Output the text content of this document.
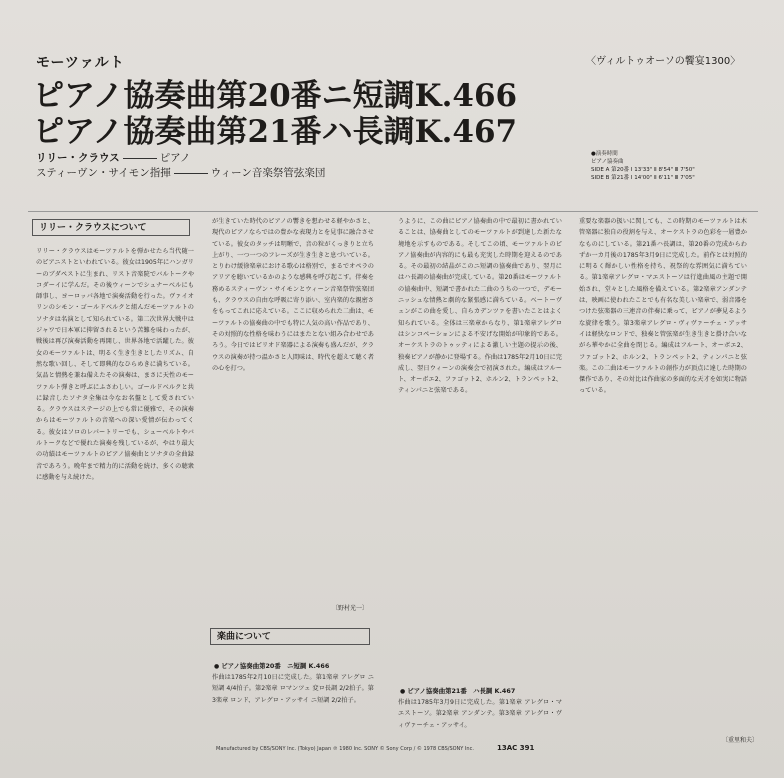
モーツァルト	〈ヴィルトゥオーソの饗宴1300〉
ピアノ協奏曲第20番ニ短調K.466
ピアノ協奏曲第21番ハ長調K.467
リリー・クラウス	ピアノ
スティーヴン・サイモン指揮	ウィーン音楽祭管弦楽団
●演奏時間
ピアノ協奏曲
SIDE A 第20番 Ⅰ 13'33" Ⅱ 8'54" Ⅲ 7'50"
SIDE B 第21番 Ⅰ 14'00" Ⅱ 6'11" Ⅲ 7'05"
リリー・クラウスについて
リリー・クラウスはモーツァルトを弾かせたら当代随一のピアニストといわれている。彼女は1905年にハンガリーのブダペストに生まれ、リスト音楽院でバルトークやコダーイに学んだ。その後ウィーンでシュナーベルにも師事し、ヨーロッパ各地で演奏活動を行った。ヴァイオリンのシモン・ゴールドベルクと組んだモーツァルトのソナタは名演として知られている。第二次世界大戦中はジャワで日本軍に抑留されるという苦難を味わったが、戦後は再び演奏活動を再開し、世界各地で活躍した。彼女のモーツァルトは、明るく生き生きとしたリズム、自然な歌い回し、そして即興的なひらめきに満ちている。気品と情熱を兼ね備えたその演奏は、まさに天性のモーツァルト弾きと呼ぶにふさわしい。ゴールドベルクと共に録音したソナタ全集は今なお名盤として愛されている。クラウスはステージの上でも常に優雅で、その演奏からはモーツァルトの音楽への深い愛情が伝わってくる。彼女はソロのレパートリーでも、シューベルトやバルトークなどで優れた演奏を残しているが、やはり最大の功績はモーツァルトのピアノ協奏曲とソナタの全曲録音であろう。晩年まで精力的に活動を続け、多くの聴衆に感動を与え続けた。
が生きていた時代のピアノの響きを想わせる軽やかさと、現代のピアノならではの豊かな表現力とを見事に融合させている。彼女のタッチは明晰で、音の粒がくっきりと立ち上がり、一つ一つのフレーズが生き生きと息づいている。とりわけ緩徐楽章における歌心は格別で、まるでオペラのアリアを聴いているかのような感興を呼び起こす。伴奏を務めるスティーヴン・サイモンとウィーン音楽祭管弦楽団も、クラウスの自由な呼吸に寄り添い、室内楽的な親密さをもってこれに応えている。ここに収められた二曲は、モーツァルトの協奏曲の中でも特に人気の高い作品であり、その対照的な性格を味わうにはまたとない組み合わせであろう。今日ではピリオド楽器による演奏も盛んだが、クラウスの演奏が持つ温かさと人間味は、時代を超えて聴く者の心を打つ。
〔野村光一〕
楽曲について
● ピアノ協奏曲第20番　ニ短調 K.466
作曲は1785年2月10日に完成した。第1楽章 アレグロ ニ短調 4/4拍子。第2楽章 ロマンツェ 変ロ長調 2/2拍子。第3楽章 ロンド、アレグロ・アッサイ ニ短調 2/2拍子。
うように、この曲にピアノ協奏曲の中で最初に書かれていることは、協奏曲としてのモーツァルトが到達した新たな境地を示すものである。そしてこの頃、モーツァルトのピアノ協奏曲が内容的にも最も充実した時期を迎えるのである。その最初の結晶がこのニ短調の協奏曲であり、翌月にはハ長調の協奏曲が完成している。第20番はモーツァルトの協奏曲中、短調で書かれた二曲のうちの一つで、デモーニッシュな情熱と劇的な緊張感に満ちている。ベートーヴェンがこの曲を愛し、自らカデンツァを書いたことはよく知られている。全体は三楽章からなり、第1楽章アレグロはシンコペーションによる不安げな開始が印象的である。オーケストラのトゥッティによる激しい主題の提示の後、独奏ピアノが静かに登場する。作曲は1785年2月10日に完成し、翌日ウィーンの演奏会で初演された。編成はフルート、オーボエ2、ファゴット2、ホルン2、トランペット2、ティンパニと弦楽である。
● ピアノ協奏曲第21番　ハ長調 K.467
作曲は1785年3月9日に完成した。第1楽章 アレグロ・マエストーソ。第2楽章 アンダンテ。第3楽章 アレグロ・ヴィヴァーチェ・アッサイ。
重要な楽器の扱いに関しても、この時期のモーツァルトは木管楽器に独自の役割を与え、オーケストラの色彩を一層豊かなものにしている。第21番ハ長調は、第20番の完成からわずか一カ月後の1785年3月9日に完成した。前作とは対照的に明るく輝かしい性格を持ち、祝祭的な雰囲気に満ちている。第1楽章アレグロ・マエストーソは行進曲風の主題で開始され、堂々とした風格を備えている。第2楽章アンダンテは、映画に使われたことでも有名な美しい楽章で、弱音器をつけた弦楽器の三連音の伴奏に乗って、ピアノが夢見るような旋律を歌う。第3楽章アレグロ・ヴィヴァーチェ・アッサイは軽快なロンドで、独奏と管弦楽が生き生きと掛け合いながら華やかに全曲を閉じる。編成はフルート、オーボエ2、ファゴット2、ホルン2、トランペット2、ティンパニと弦楽。この二曲はモーツァルトの創作力が頂点に達した時期の傑作であり、その対比は作曲家の多面的な天才を如実に物語っている。
〔重里和夫〕
Manufactured by CBS/SONY Inc. (Tokyo) Japan ℗ 1980 Inc. SONY © Sony Corp / © 1978 CBS/SONY Inc.	13AC 391
